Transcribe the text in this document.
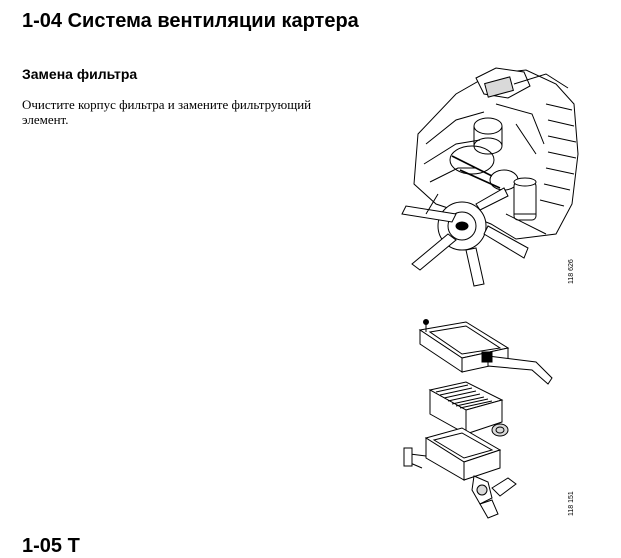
1-04 Система вентиляции картера
Замена фильтра

Очистите корпус фильтра и замените фильтрующий элемент.

118 626
118 151
1-05 Т
